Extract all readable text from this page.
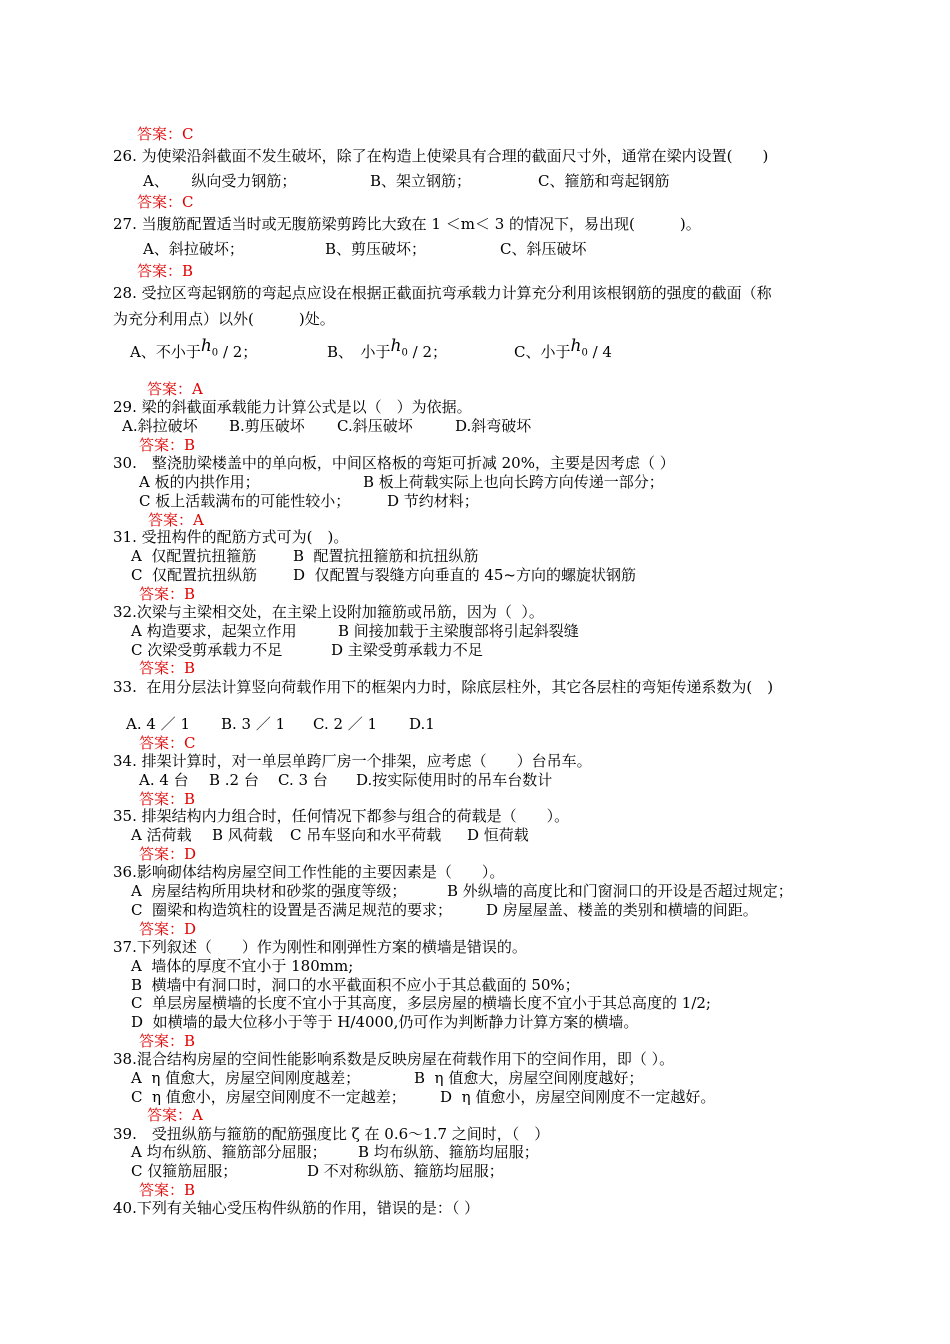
答案：C
26. 为使梁沿斜截面不发生破坏，除了在构造上使梁具有合理的截面尺寸外，通常在梁内设置(　　)
A、　　纵向受力钢筋；	B、架立钢筋；	C、箍筋和弯起钢筋
答案：C
27. 当腹筋配置适当时或无腹筋梁剪跨比大致在 1 ＜m＜ 3 的情况下，易出现(　　　)。
A、斜拉破坏；	B、剪压破坏；	C、斜压破坏
答案：B
28. 受拉区弯起钢筋的弯起点应设在根据正截面抗弯承载力计算充分利用该根钢筋的强度的截面（称
为充分利用点）以外(　　　)处。
A、不小于$h_0 / 2$；	B、　小于$h_0 / 2$；	C、小于$h_0 / 4$
答案：A
29. 梁的斜截面承载能力计算公式是以（　）为依据。
A.斜拉破坏 B.剪压破坏 C.斜压破坏	D.斜弯破坏
答案：B
30.　整浇肋梁楼盖中的单向板，中间区格板的弯矩可折减 20%，主要是因考虑（ ）
A 板的内拱作用；	B 板上荷载实际上也向长跨方向传递一部分；
C 板上活载满布的可能性较小； D 节约材料；
答案：A
31. 受扭构件的配筋方式可为(　)。
A  仅配置抗扭箍筋 B  配置抗扭箍筋和抗扭纵筋
C  仅配置抗扭纵筋 D  仅配置与裂缝方向垂直的 45~方向的螺旋状钢筋
答案：B
32.次梁与主梁相交处，在主梁上设附加箍筋或吊筋，因为（  ）。
A 构造要求，起架立作用	B 间接加载于主梁腹部将引起斜裂缝
C 次梁受剪承载力不足	D 主梁受剪承载力不足
答案：B
33.  在用分层法计算竖向荷载作用下的框架内力时，除底层柱外，其它各层柱的弯矩传递系数为(　)
A. 4 ／ 1 B. 3 ／ 1 C. 2 ／ 1 D.1
答案：C
34. 排架计算时，对一单层单跨厂房一个排架，应考虑（　　）台吊车。
A. 4 台 B .2 台 C. 3 台 D.按实际使用时的吊车台数计
答案：B
35. 排架结构内力组合时，任何情况下都参与组合的荷载是（　　）。
A 活荷载 B 风荷载 C 吊车竖向和水平荷载 D 恒荷载
答案：D
36.影响砌体结构房屋空间工作性能的主要因素是（　　）。
A  房屋结构所用块材和砂浆的强度等级；	B 外纵墙的高度比和门窗洞口的开设是否超过规定；
C  圈梁和构造筑柱的设置是否满足规范的要求； D 房屋屋盖、楼盖的类别和横墙的间距。
答案：D
37.下列叙述（　　）作为刚性和刚弹性方案的横墙是错误的。
A  墙体的厚度不宜小于 180mm;
B  横墙中有洞口时，洞口的水平截面积不应小于其总截面的 50%；
C  单层房屋横墙的长度不宜小于其高度，多层房屋的横墙长度不宜小于其总高度的 1/2;
D  如横墙的最大位移小于等于 H/4000,仍可作为判断静力计算方案的横墙。
答案：B
38.混合结构房屋的空间性能影响系数是反映房屋在荷载作用下的空间作用，即（ ）。
A  η 值愈大，房屋空间刚度越差；	B  η 值愈大，房屋空间刚度越好；
C  η 值愈小，房屋空间刚度不一定越差； D  η 值愈小，房屋空间刚度不一定越好。
答案：A
39.　受扭纵筋与箍筋的配筋强度比 ζ 在 0.6～1.7 之间时，（　）
A 均布纵筋、箍筋部分屈服； B 均布纵筋、箍筋均屈服；
C 仅箍筋屈服；	D 不对称纵筋、箍筋均屈服；
答案：B
40.下列有关轴心受压构件纵筋的作用，错误的是：（ ）
